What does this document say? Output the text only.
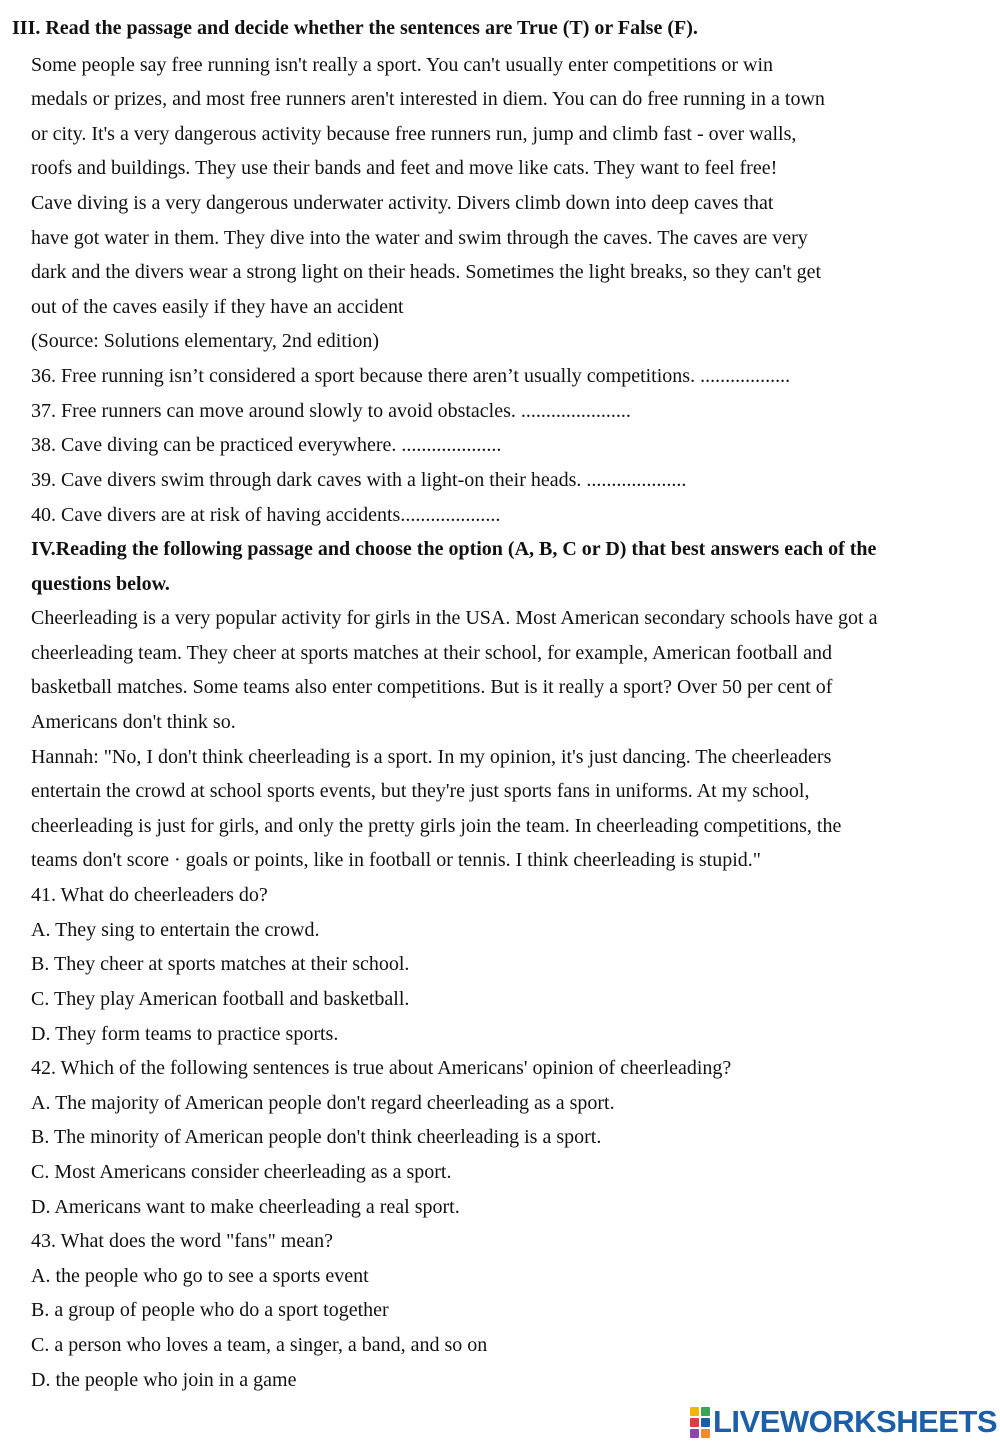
III. Read the passage and decide whether the sentences are True (T) or False (F).
Some people say free running isn't really a sport. You can't usually enter competitions or win
medals or prizes, and most free runners aren't interested in diem. You can do free running in a town
or city. It's a very dangerous activity because free runners run, jump and climb fast - over walls,
roofs and buildings. They use their bands and feet and move like cats. They want to feel free!
Cave diving is a very dangerous underwater activity. Divers climb down into deep caves that
have got water in them. They dive into the water and swim through the caves. The caves are very
dark and the divers wear a strong light on their heads. Sometimes the light breaks, so they can't get
out of the caves easily if they have an accident
(Source: Solutions elementary, 2nd edition)
36. Free running isn’t considered a sport because there aren’t usually competitions. ..................
37. Free runners can move around slowly to avoid obstacles. ......................
38. Cave diving can be practiced everywhere. ....................
39. Cave divers swim through dark caves with a light-on their heads. ....................
40. Cave divers are at risk of having accidents....................
IV.Reading the following passage and choose the option (A, B, C or D) that best answers each of the
questions below.
Cheerleading is a very popular activity for girls in the USA. Most American secondary schools have got a
cheerleading team. They cheer at sports matches at their school, for example, American football and
basketball matches. Some teams also enter competitions. But is it really a sport? Over 50 per cent of
Americans don't think so.
Hannah: "No, I don't think cheerleading is a sport. In my opinion, it's just dancing. The cheerleaders
entertain the crowd at school sports events, but they're just sports fans in uniforms. At my school,
cheerleading is just for girls, and only the pretty girls join the team. In cheerleading competitions, the
teams don't score · goals or points, like in football or tennis. I think cheerleading is stupid."
41. What do cheerleaders do?
A. They sing to entertain the crowd.
B. They cheer at sports matches at their school.
C. They play American football and basketball.
D. They form teams to practice sports.
42. Which of the following sentences is true about Americans' opinion of cheerleading?
A. The majority of American people don't regard cheerleading as a sport.
B. The minority of American people don't think cheerleading is a sport.
C. Most Americans consider cheerleading as a sport.
D. Americans want to make cheerleading a real sport.
43. What does the word "fans" mean?
A. the people who go to see a sports event
B. a group of people who do a sport together
C. a person who loves a team, a singer, a band, and so on
D. the people who join in a game
LIVEWORKSHEETS
